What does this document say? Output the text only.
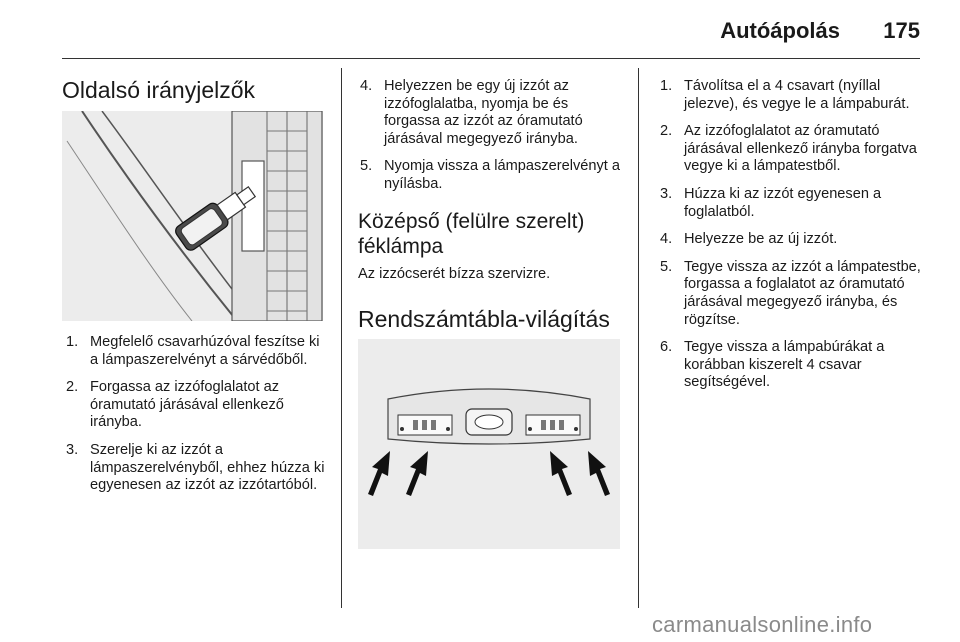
Autóápolás 175
Oldalsó irányjelzők
1. Megfelelő csavarhúzóval feszítse ki a lámpaszerelvényt a sárvédőből.
2. Forgassa az izzófoglalatot az óramutató járásával ellenkező irányba.
3. Szerelje ki az izzót a lámpaszerelvényből, ehhez húzza ki egyenesen az izzót az izzótartóból.
4. Helyezzen be egy új izzót az izzófoglalatba, nyomja be és forgassa az izzót az óramutató járásával megegyező irányba.
5. Nyomja vissza a lámpaszerelvényt a nyílásba.
Középső (felülre szerelt) féklámpa

Az izzócserét bízza szervizre.

Rendszámtábla-világítás
1. Távolítsa el a 4 csavart (nyíllal jelezve), és vegye le a lámpaburát.
2. Az izzófoglalatot az óramutató járásával ellenkező irányba forgatva vegye ki a lámpatestből.
3. Húzza ki az izzót egyenesen a foglalatból.
4. Helyezze be az új izzót.
5. Tegye vissza az izzót a lámpatestbe, forgassa a foglalatot az óramutató járásával megegyező irányba, és rögzítse.
6. Tegye vissza a lámpabúrákat a korábban kiszerelt 4 csavar segítségével.
carmanualsonline.info
